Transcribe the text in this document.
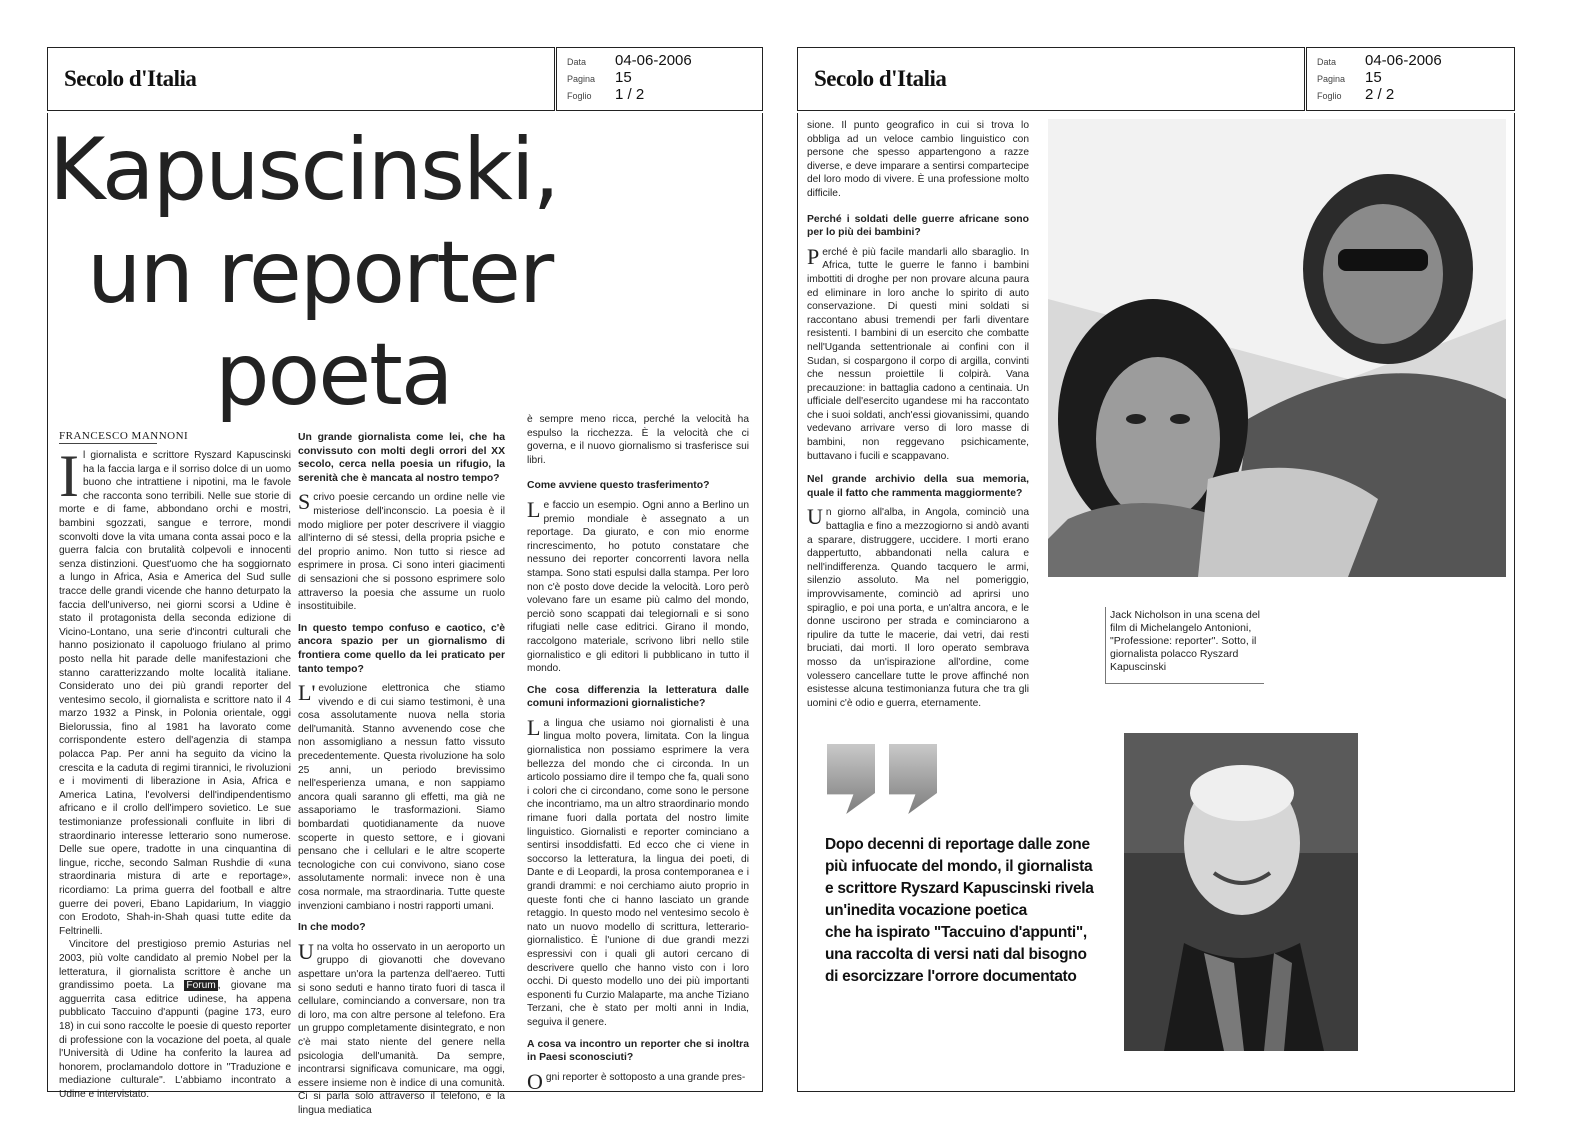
Secolo d'Italia
Data	04-06-2006
Pagina	15
Foglio	1 / 2
Kapuscinski,
un reporter
poeta
FRANCESCO MANNONI
I l giornalista e scrittore Ryszard Kapuscinski ha la faccia larga e il sorriso dolce di un uomo buono che intrattiene i nipotini, ma le favole che racconta sono terribili. Nelle sue storie di morte e di fame, abbondano orchi e mostri, bambini sgozzati, sangue e terrore, mondi sconvolti dove la vita umana conta assai poco e la guerra falcia con brutalità colpevoli e innocenti senza distinzioni. Quest'uomo che ha soggiornato a lungo in Africa, Asia e America del Sud sulle tracce delle grandi vicende che hanno deturpato la faccia dell'universo, nei giorni scorsi a Udine è stato il protagonista della seconda edizione di Vicino-Lontano, una serie d'incontri culturali che hanno posizionato il capoluogo friulano al primo posto nella hit parade delle manifestazioni che stanno caratterizzando molte località italiane. Considerato uno dei più grandi reporter del ventesimo secolo, il giornalista e scrittore nato il 4 marzo 1932 a Pinsk, in Polonia orientale, oggi Bielorussia, fino al 1981 ha lavorato come corrispondente estero dell'agenzia di stampa polacca Pap. Per anni ha seguito da vicino la crescita e la caduta di regimi tirannici, le rivoluzioni e i movimenti di liberazione in Asia, Africa e America Latina, l'evolversi dell'indipendentismo africano e il crollo dell'impero sovietico. Le sue testimonianze professionali confluite in libri di straordinario interesse letterario sono numerose. Delle sue opere, tradotte in una cinquantina di lingue, ricche, secondo Salman Rushdie di «una straordinaria mistura di arte e reportage», ricordiamo: La prima guerra del football e altre guerre dei poveri, Ebano Lapidarium, In viaggio con Erodoto, Shah-in-Shah quasi tutte edite da Feltrinelli.

Vincitore del prestigioso premio Asturias nel 2003, più volte candidato al premio Nobel per la letteratura, il giornalista scrittore è anche un grandissimo poeta. La Forum , giovane ma agguerrita casa editrice udinese, ha appena pubblicato Taccuino d'appunti (pagine 173, euro 18) in cui sono raccolte le poesie di questo reporter di professione con la vocazione del poeta, al quale l'Università di Udine ha conferito la laurea ad honorem, proclamandolo dottore in "Traduzione e mediazione culturale". L'abbiamo incontrato a Udine e intervistato.

Un grande giornalista come lei, che ha convissuto con molti degli orrori del XX secolo, cerca nella poesia un rifugio, la serenità che è mancata al nostro tempo?

Scrivo poesie cercando un ordine nelle vie misteriose dell'inconscio. La poesia è il modo migliore per poter descrivere il viaggio all'interno di sé stessi, della propria psiche e del proprio animo. Non tutto si riesce ad esprimere in prosa. Ci sono interi giacimenti di sensazioni che si possono esprimere solo attraverso la poesia che assume un ruolo insostituibile.

In questo tempo confuso e caotico, c'è ancora spazio per un giornalismo di frontiera come quello da lei praticato per tanto tempo?

L' evoluzione elettronica che stiamo vivendo e di cui siamo testimoni, è una cosa assolutamente nuova nella storia dell'umanità. Stanno avvenendo cose che non assomigliano a nessun fatto vissuto precedentemente. Questa rivoluzione ha solo 25 anni, un periodo brevissimo nell'esperienza umana, e non sappiamo ancora quali saranno gli effetti, ma già ne assaporiamo le trasformazioni. Siamo bombardati quotidianamente da nuove scoperte in questo settore, e i giovani pensano che i cellulari e le altre scoperte tecnologiche con cui convivono, siano cose assolutamente normali: invece non è una cosa normale, ma straordinaria. Tutte queste invenzioni cambiano i nostri rapporti umani.

In che modo?

Una volta ho osservato in un aeroporto un gruppo di giovanotti che dovevano aspettare un'ora la partenza dell'aereo. Tutti si sono seduti e hanno tirato fuori di tasca il cellulare, cominciando a conversare, non tra di loro, ma con altre persone al telefono. Era un gruppo completamente disintegrato, e non c'è mai stato niente del genere nella psicologia dell'umanità. Da sempre, incontrarsi significava comunicare, ma oggi, essere insieme non è indice di una comunità. Ci si parla solo attraverso il telefono, e la lingua mediatica

è sempre meno ricca, perché la velocità ha espulso la ricchezza. È la velocità che ci governa, e il nuovo giornalismo si trasferisce sui libri.

Come avviene questo trasferimento?

Le faccio un esempio. Ogni anno a Berlino un premio mondiale è assegnato a un reportage. Da giurato, e con mio enorme rincrescimento, ho potuto constatare che nessuno dei reporter concorrenti lavora nella stampa. Sono stati espulsi dalla stampa. Per loro non c'è posto dove decide la velocità. Loro però volevano fare un esame più calmo del mondo, perciò sono scappati dai telegiornali e si sono rifugiati nelle case editrici. Girano il mondo, raccolgono materiale, scrivono libri nello stile giornalistico e gli editori li pubblicano in tutto il mondo.

Che cosa differenzia la letteratura dalle comuni informazioni giornalistiche?

La lingua che usiamo noi giornalisti è una lingua molto povera, limitata. Con la lingua giornalistica non possiamo esprimere la vera bellezza del mondo che ci circonda. In un articolo possiamo dire il tempo che fa, quali sono i colori che ci circondano, come sono le persone che incontriamo, ma un altro straordinario mondo rimane fuori dalla portata del nostro limite linguistico. Giornalisti e reporter cominciano a sentirsi insoddisfatti. Ed ecco che ci viene in soccorso la letteratura, la lingua dei poeti, di Dante e di Leopardi, la prosa contemporanea e i grandi drammi: e noi cerchiamo aiuto proprio in queste fonti che ci hanno lasciato un grande retaggio. In questo modo nel ventesimo secolo è nato un nuovo modello di scrittura, letterario-giornalistico. È l'unione di due grandi mezzi espressivi con i quali gli autori cercano di descrivere quello che hanno visto con i loro occhi. Di questo modello uno dei più importanti esponenti fu Curzio Malaparte, ma anche Tiziano Terzani, che è stato per molti anni in India, seguiva il genere.

A cosa va incontro un reporter che si inoltra in Paesi sconosciuti?

Ogni reporter è sottoposto a una grande pres-

Secolo d'Italia
Data	04-06-2006
Pagina	15
Foglio	2 / 2

sione. Il punto geografico in cui si trova lo obbliga ad un veloce cambio linguistico con persone che spesso appartengono a razze diverse, e deve imparare a sentirsi compartecipe del loro modo di vivere. È una professione molto difficile.

Perché i soldati delle guerre africane sono per lo più dei bambini?

Perché è più facile mandarli allo sbaraglio. In Africa, tutte le guerre le fanno i bambini imbottiti di droghe per non provare alcuna paura ed eliminare in loro anche lo spirito di auto conservazione. Di questi mini soldati si raccontano abusi tremendi per farli diventare resistenti. I bambini di un esercito che combatte nell'Uganda settentrionale ai confini con il Sudan, si cospargono il corpo di argilla, convinti che nessun proiettile li colpirà. Vana precauzione: in battaglia cadono a centinaia. Un ufficiale dell'esercito ugandese mi ha raccontato che i suoi soldati, anch'essi giovanissimi, quando vedevano arrivare verso di loro masse di bambini, non reggevano psichicamente, buttavano i fucili e scappavano.

Nel grande archivio della sua memoria, quale il fatto che rammenta maggiormente?

Un giorno all'alba, in Angola, cominciò una battaglia e fino a mezzogiorno si andò avanti a sparare, distruggere, uccidere. I morti erano dappertutto, abbandonati nella calura e nell'indifferenza. Quando tacquero le armi, silenzio assoluto. Ma nel pomeriggio, improvvisamente, cominciò ad aprirsi uno spiraglio, e poi una porta, e un'altra ancora, e le donne uscirono per strada e cominciarono a ripulire da tutte le macerie, dai vetri, dai resti bruciati, dai morti. Il loro operato sembrava mosso da un'ispirazione all'ordine, come volessero cancellare tutte le prove affinché non esistesse alcuna testimonianza futura che tra gli uomini c'è odio e guerra, eternamente.

Jack Nicholson in una scena del film di Michelangelo Antonioni, "Professione: reporter". Sotto, il giornalista polacco Ryszard Kapuscinski
Dopo decenni di reportage dalle zone
più infuocate del mondo, il giornalista
e scrittore Ryszard Kapuscinski rivela
un'inedita vocazione poetica
che ha ispirato "Taccuino d'appunti",
una raccolta di versi nati dal bisogno
di esorcizzare l'orrore documentato
